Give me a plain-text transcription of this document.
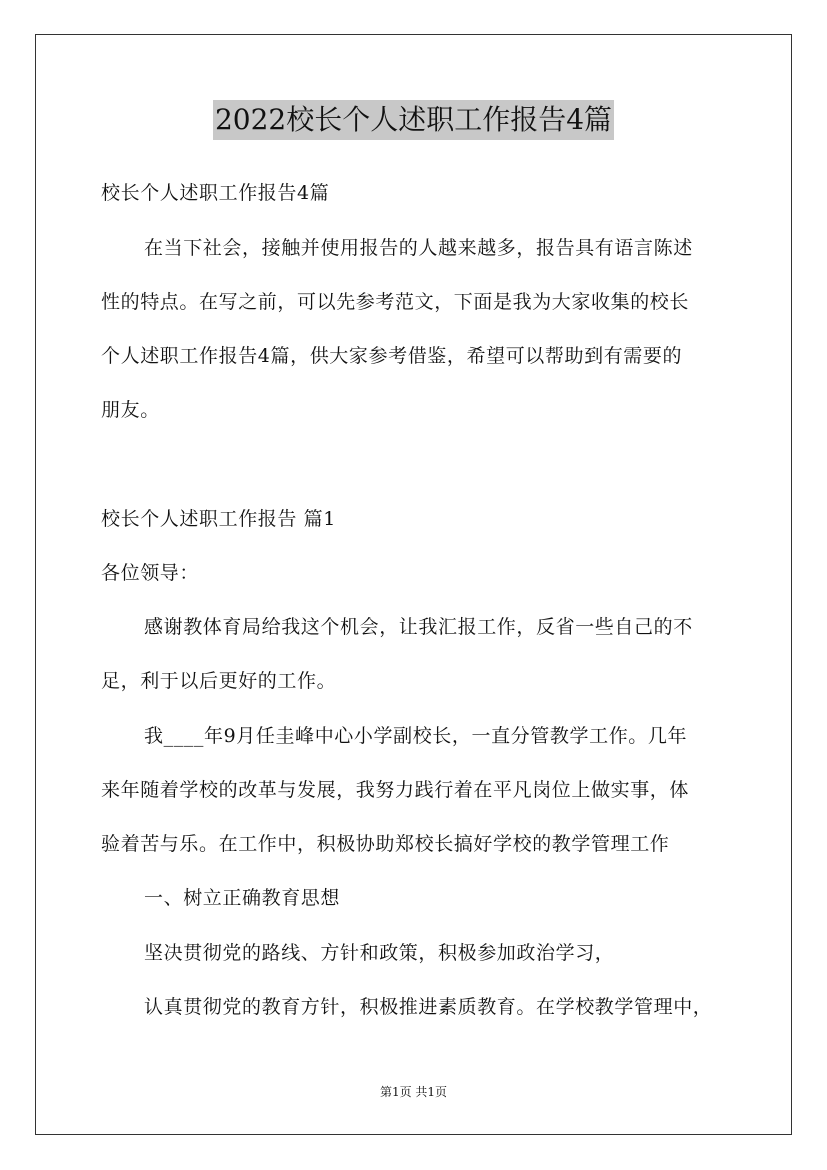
2022校长个人述职工作报告4篇
校长个人述职工作报告4篇
在当下社会，接触并使用报告的人越来越多，报告具有语言陈述
性的特点。在写之前，可以先参考范文，下面是我为大家收集的校长
个人述职工作报告4篇，供大家参考借鉴，希望可以帮助到有需要的
朋友。
校长个人述职工作报告 篇1
各位领导：
感谢教体育局给我这个机会，让我汇报工作，反省一些自己的不
足，利于以后更好的工作。
我____年9月任圭峰中心小学副校长，一直分管教学工作。几年
来年随着学校的改革与发展，我努力践行着在平凡岗位上做实事，体
验着苦与乐。在工作中，积极协助郑校长搞好学校的教学管理工作
一、树立正确教育思想
坚决贯彻党的路线、方针和政策，积极参加政治学习，
认真贯彻党的教育方针，积极推进素质教育。在学校教学管理中，
第1页 共1页
